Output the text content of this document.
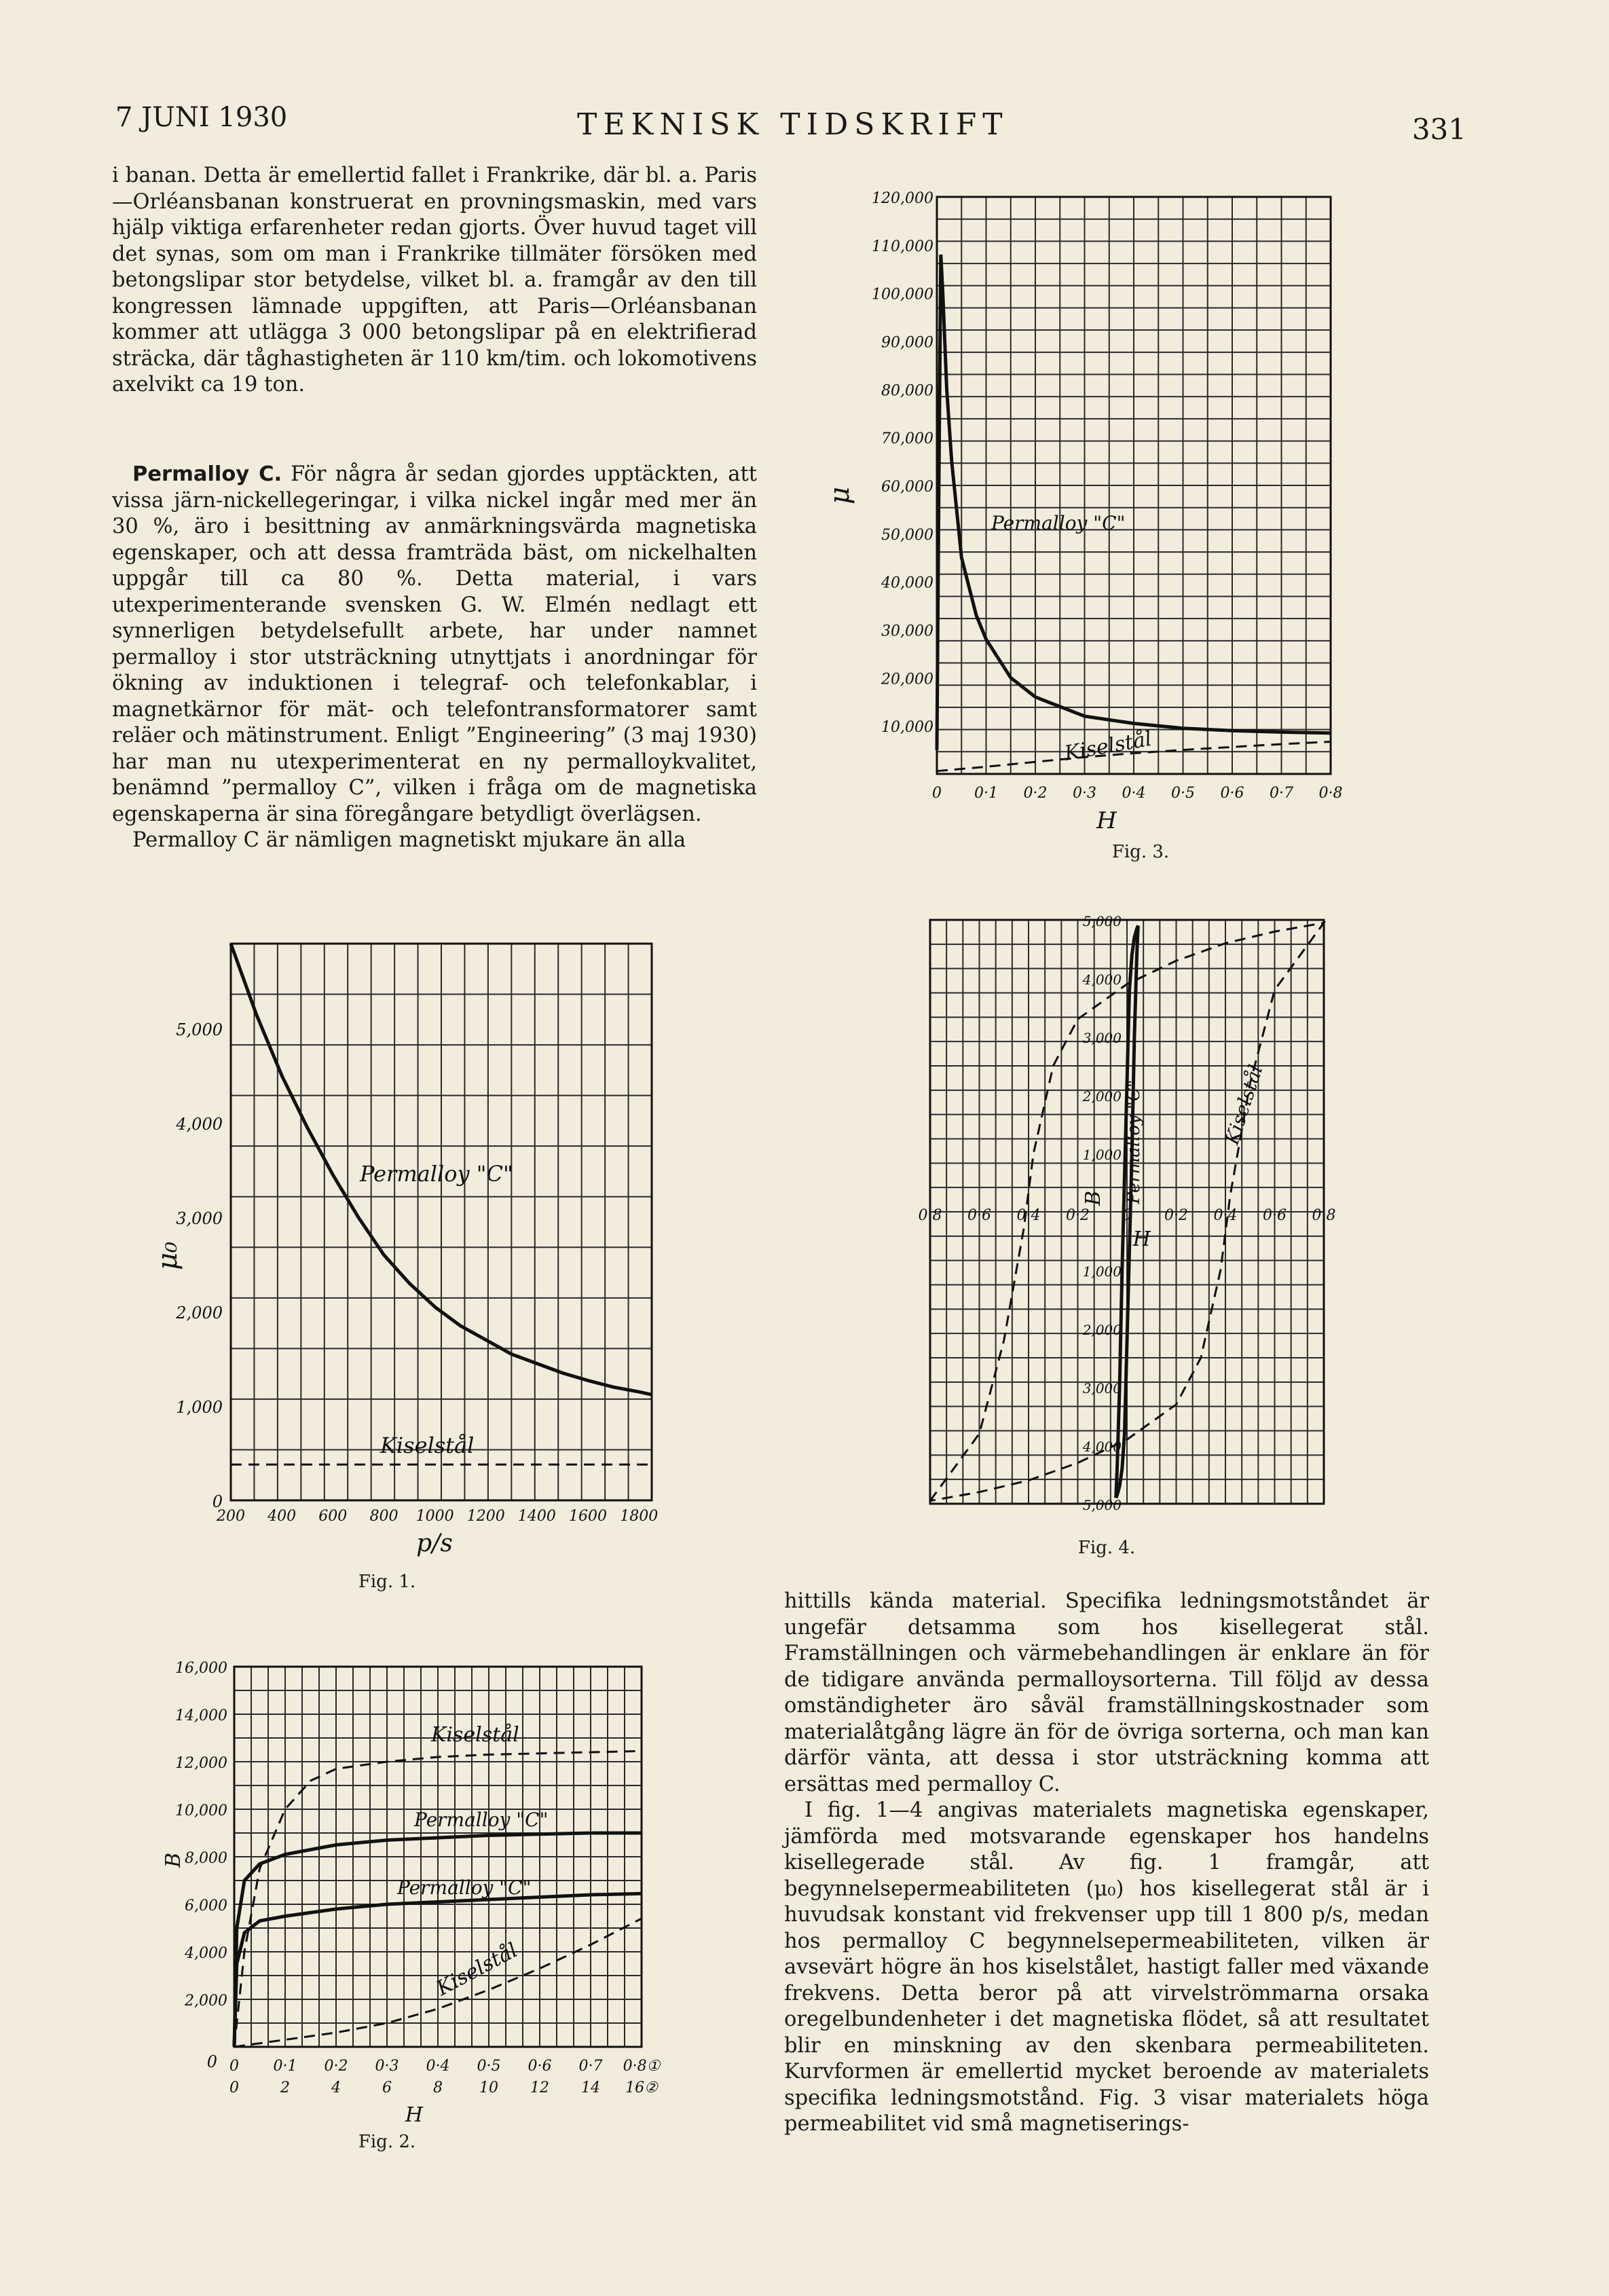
7 JUNI 1930	TEKNISK TIDSKRIFT	331

i banan. Detta är emellertid fallet i Frankrike, där bl. a. Paris—Orléansbanan konstruerat en provningsmaskin, med vars hjälp viktiga erfarenheter redan gjorts. Över huvud taget vill det synas, som om man i Frankrike tillmäter försöken med betongslipar stor betydelse, vilket bl. a. framgår av den till kongressen lämnade uppgiften, att Paris—Orléansbanan kommer att utlägga 3 000 betongslipar på en elektrifierad sträcka, där tåghastigheten är 110 km/tim. och lokomotivens axelvikt ca 19 ton.

Permalloy C. För några år sedan gjordes upptäckten, att vissa järn-nickellegeringar, i vilka nickel ingår med mer än 30 %, äro i besittning av anmärkningsvärda magnetiska egenskaper, och att dessa framträda bäst, om nickelhalten uppgår till ca 80 %. Detta material, i vars utexperimenterande svensken G. W. Elmén nedlagt ett synnerligen betydelsefullt arbete, har under namnet permalloy i stor utsträckning utnyttjats i anordningar för ökning av induktionen i telegraf- och telefonkablar, i magnetkärnor för mät- och telefontransformatorer samt reläer och mätinstrument. Enligt ”Engineering” (3 maj 1930) har man nu utexperimenterat en ny permalloykvalitet, benämnd ”permalloy C”, vilken i fråga om de magnetiska egenskaperna är sina föregångare betydligt överlägsen.

Permalloy C är nämligen magnetiskt mjukare än alla

hittills kända material. Specifika ledningsmotståndet är ungefär detsamma som hos kisellegerat stål. Framställningen och värmebehandlingen är enklare än för de tidigare använda permalloysorterna. Till följd av dessa omständigheter äro såväl framställningskostnader som materialåtgång lägre än för de övriga sorterna, och man kan därför vänta, att dessa i stor utsträckning komma att ersättas med permalloy C.

I fig. 1—4 angivas materialets magnetiska egenskaper, jämförda med motsvarande egenskaper hos handelns kisellegerade stål. Av fig. 1 framgår, att begynnelsepermeabiliteten (μ₀) hos kisellegerat stål är i huvudsak konstant vid frekvenser upp till 1 800 p/s, medan hos permalloy C begynnelsepermeabiliteten, vilken är avsevärt högre än hos kiselstålet, hastigt faller med växande frekvens. Detta beror på att virvelströmmarna orsaka oregelbundenheter i det magnetiska flödet, så att resultatet blir en minskning av den skenbara permeabiliteten. Kurvformen är emellertid mycket beroende av materialets specifika ledningsmotstånd. Fig. 3 visar materialets höga permeabilitet vid små magnetiserings-

0
1,000
2,000
3,000
4,000
5,000
200 400 600 800 1000 1200 1400 1600 1800
p/s
μ₀
Permalloy "C"
Kiselstål
Fig. 1.
2,000
4,000
6,000
8,000
10,000
12,000
14,000
16,000
0 0 0·1 0·2 0·3 0·4 0·5 0·6 0·7 0·8①
0	2	4	6	8 10 12 14 16②
H
B
Kiselstål
Permalloy "C"
Permalloy "C"
Kiselstål
Fig. 2.
10,000
20,000
30,000
40,000
50,000
60,000
70,000
80,000
90,000
100,000
110,000
120,000
0 0·1 0·2 0·3 0·4 0·5 0·6 0·7 0·8
H
μ
Permalloy "C"
Kiselstål
Fig. 3.
5,000
4,000
3,000
2,000
1,000
1,000
2,000
3,000
4,000
5,000
0·8 0·6 0·4 0·2 0 0·2 0·4 0·6 0·8
H
B Permalloy "C"	Kiselstål
Fig. 4.
